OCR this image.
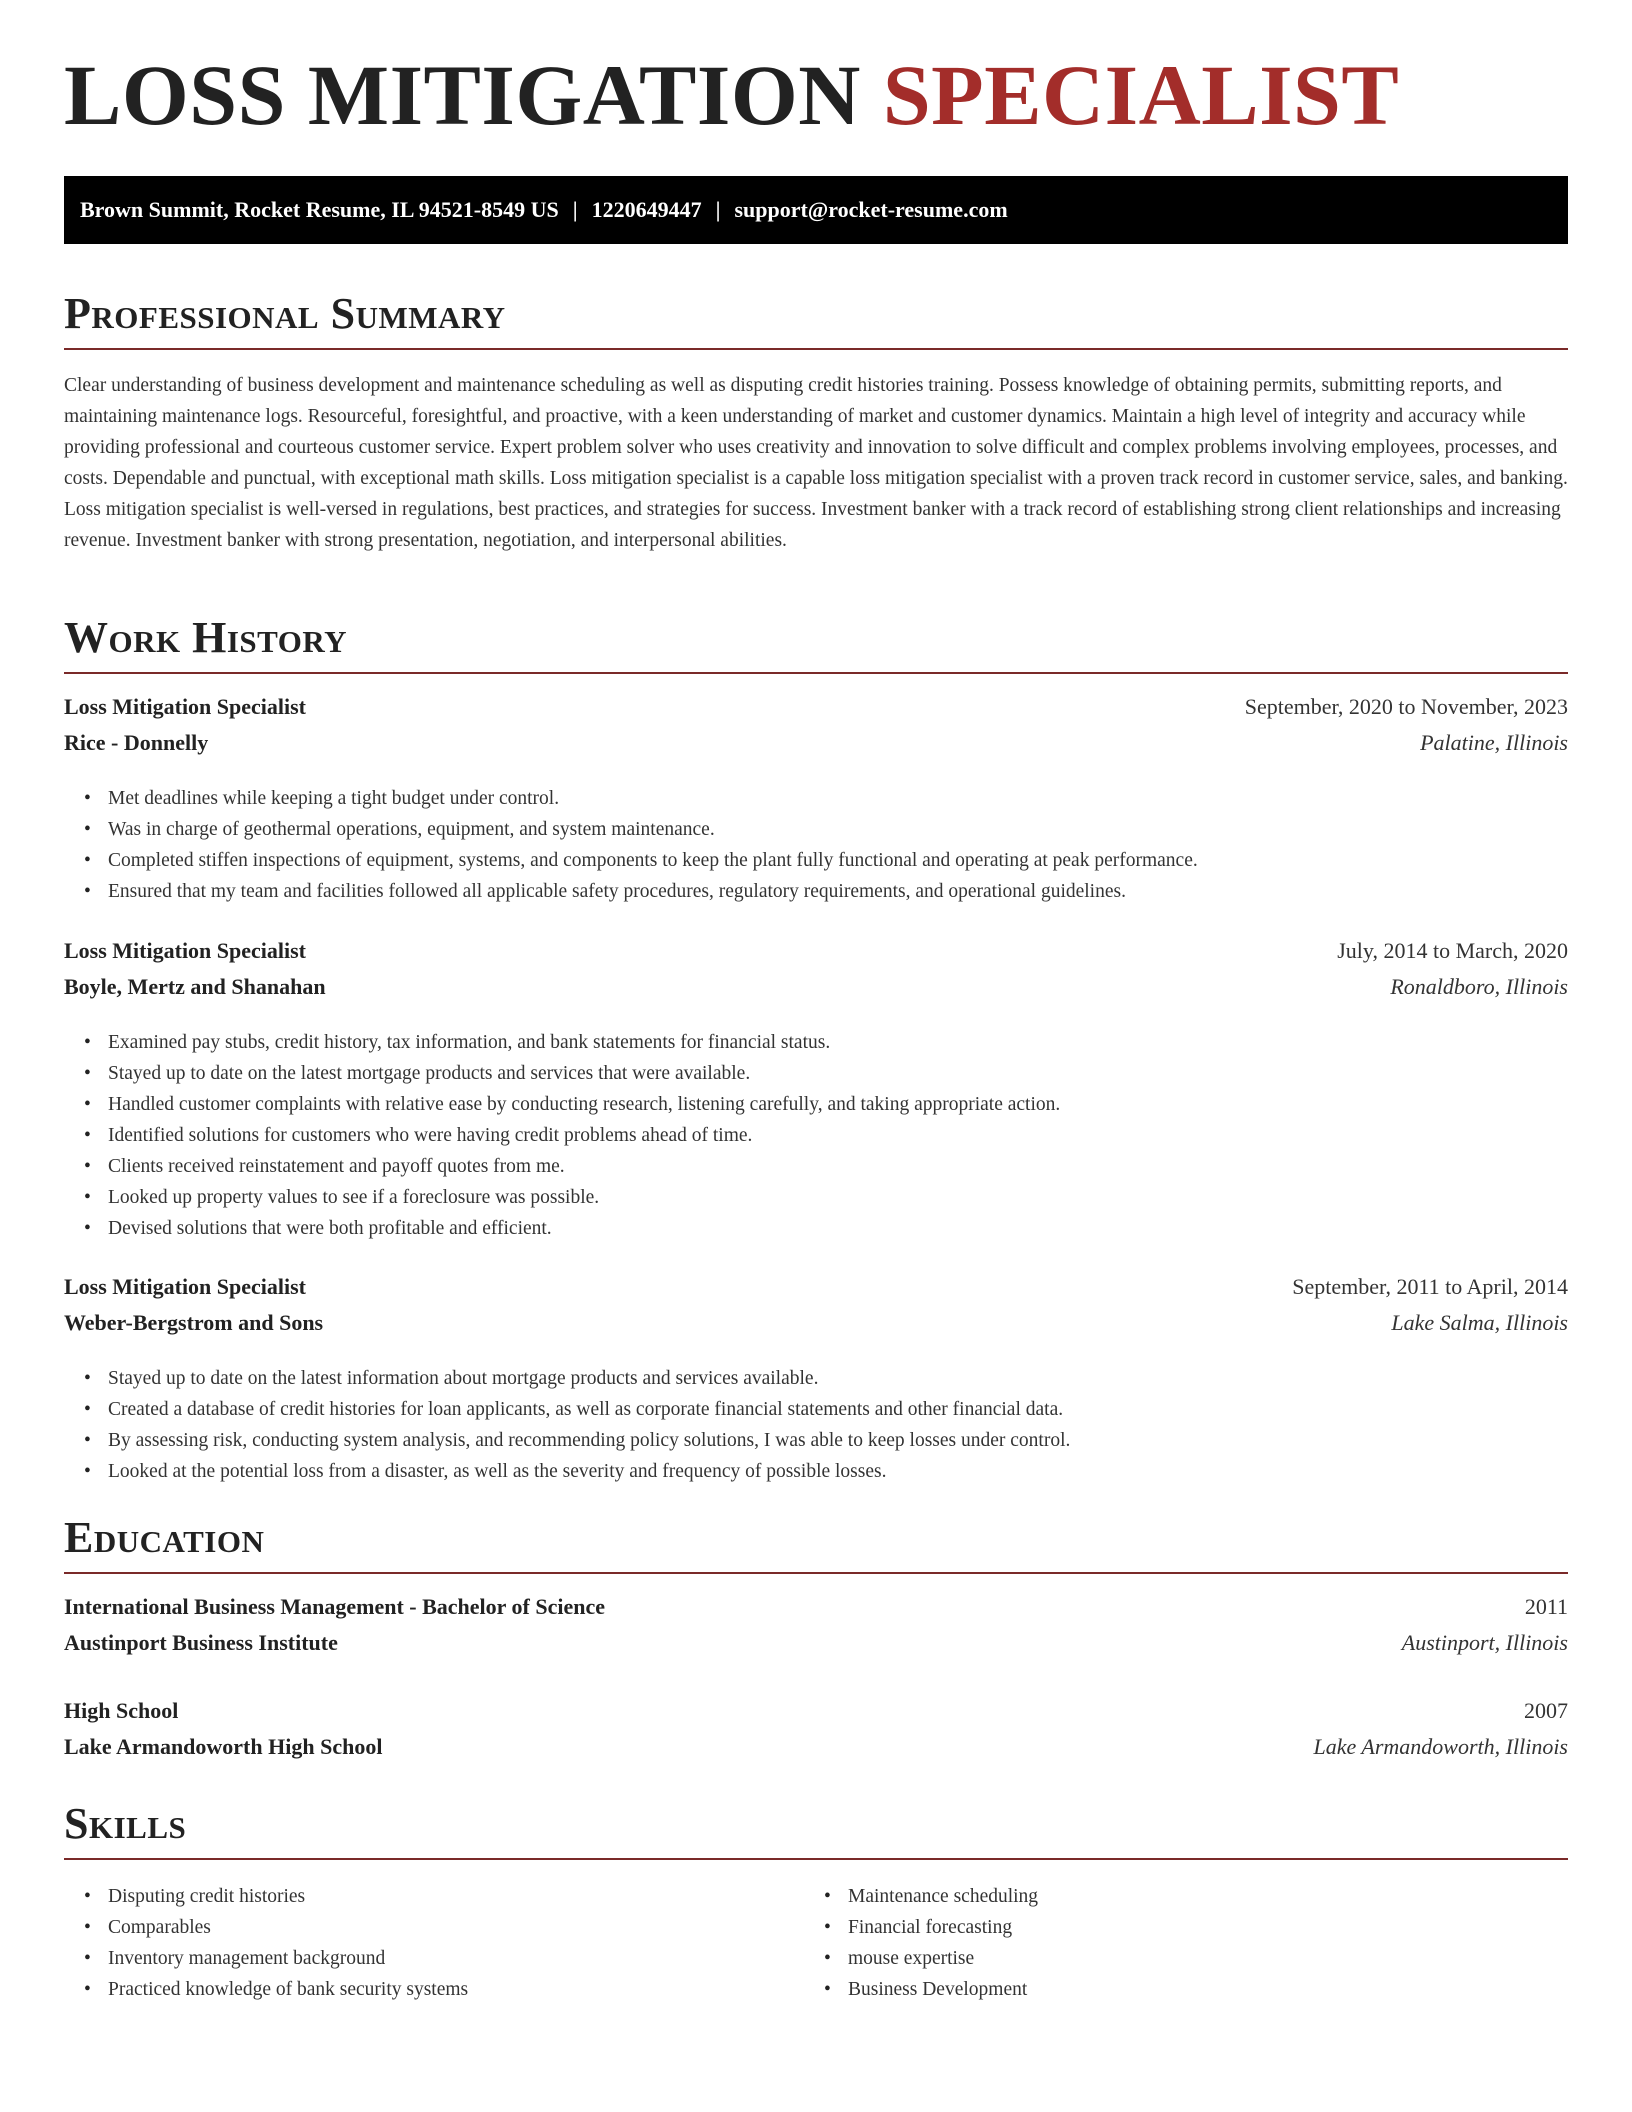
LOSS MITIGATION SPECIALIST
Brown Summit, Rocket Resume, IL 94521-8549 US | 1220649447 | support@rocket-resume.com
Professional Summary
Clear understanding of business development and maintenance scheduling as well as disputing credit histories training. Possess knowledge of obtaining permits, submitting reports, and maintaining maintenance logs. Resourceful, foresightful, and proactive, with a keen understanding of market and customer dynamics. Maintain a high level of integrity and accuracy while providing professional and courteous customer service. Expert problem solver who uses creativity and innovation to solve difficult and complex problems involving employees, processes, and costs. Dependable and punctual, with exceptional math skills. Loss mitigation specialist is a capable loss mitigation specialist with a proven track record in customer service, sales, and banking. Loss mitigation specialist is well-versed in regulations, best practices, and strategies for success. Investment banker with a track record of establishing strong client relationships and increasing revenue. Investment banker with strong presentation, negotiation, and interpersonal abilities.
Work History
Loss Mitigation Specialist	September, 2020 to November, 2023
Rice - Donnelly	Palatine, Illinois
• Met deadlines while keeping a tight budget under control.
• Was in charge of geothermal operations, equipment, and system maintenance.
• Completed stiffen inspections of equipment, systems, and components to keep the plant fully functional and operating at peak performance.
• Ensured that my team and facilities followed all applicable safety procedures, regulatory requirements, and operational guidelines.
Loss Mitigation Specialist	July, 2014 to March, 2020
Boyle, Mertz and Shanahan	Ronaldboro, Illinois
• Examined pay stubs, credit history, tax information, and bank statements for financial status.
• Stayed up to date on the latest mortgage products and services that were available.
• Handled customer complaints with relative ease by conducting research, listening carefully, and taking appropriate action.
• Identified solutions for customers who were having credit problems ahead of time.
• Clients received reinstatement and payoff quotes from me.
• Looked up property values to see if a foreclosure was possible.
• Devised solutions that were both profitable and efficient.
Loss Mitigation Specialist	September, 2011 to April, 2014
Weber-Bergstrom and Sons	Lake Salma, Illinois
• Stayed up to date on the latest information about mortgage products and services available.
• Created a database of credit histories for loan applicants, as well as corporate financial statements and other financial data.
• By assessing risk, conducting system analysis, and recommending policy solutions, I was able to keep losses under control.
• Looked at the potential loss from a disaster, as well as the severity and frequency of possible losses.
Education
International Business Management - Bachelor of Science	2011
Austinport Business Institute	Austinport, Illinois
High School	2007
Lake Armandoworth High School	Lake Armandoworth, Illinois
Skills
• Disputing credit histories
• Comparables
• Inventory management background
• Practiced knowledge of bank security systems
• Maintenance scheduling
• Financial forecasting
• mouse expertise
• Business Development
